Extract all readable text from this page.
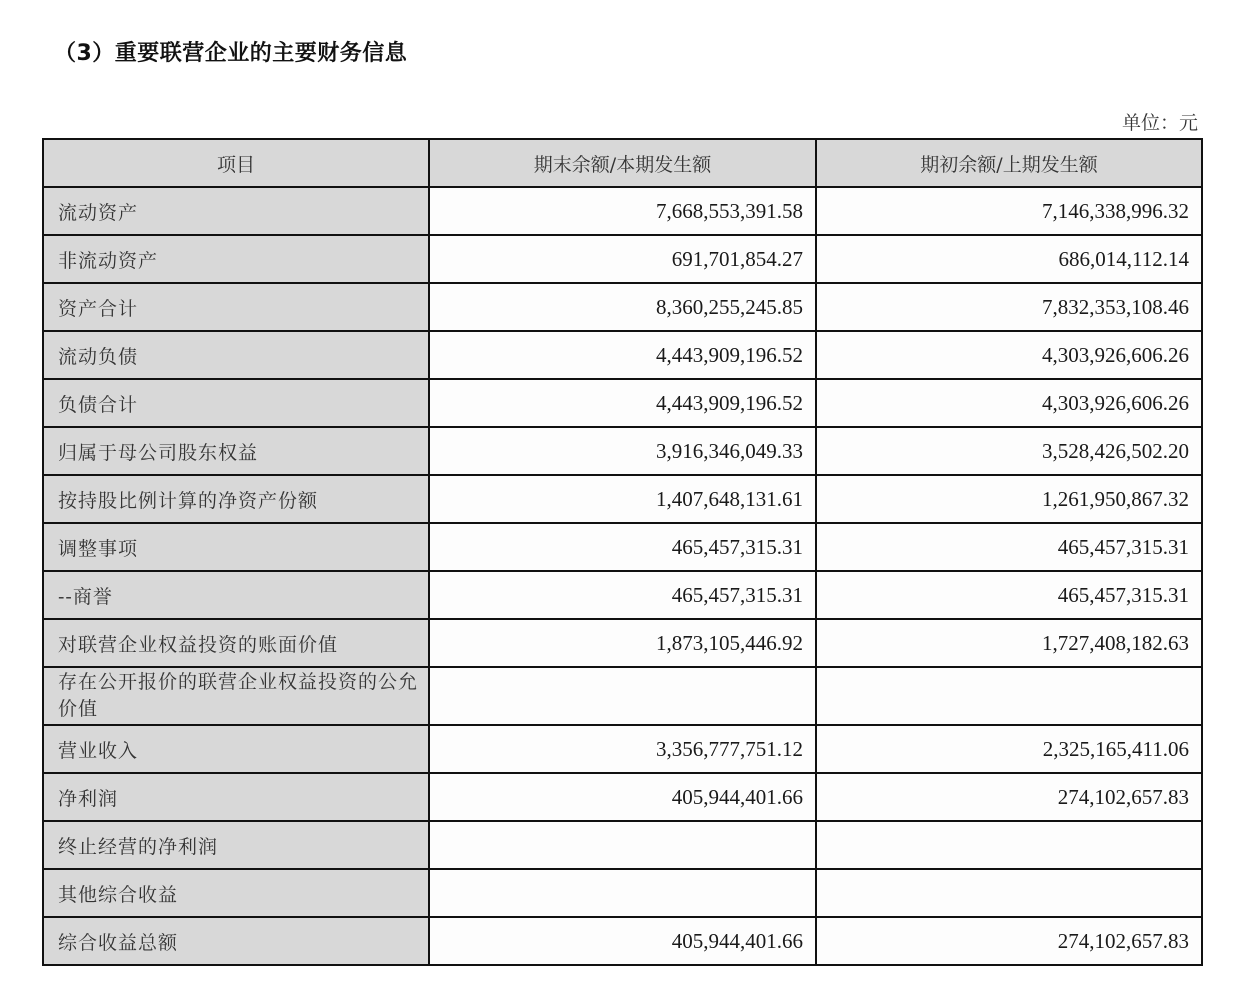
（3）重要联营企业的主要财务信息
单位：元
项目	期末余额/本期发生额	期初余额/上期发生额
流动资产	7,668,553,391.58	7,146,338,996.32
非流动资产	691,701,854.27	686,014,112.14
资产合计	8,360,255,245.85	7,832,353,108.46
流动负债	4,443,909,196.52	4,303,926,606.26
负债合计	4,443,909,196.52	4,303,926,606.26
归属于母公司股东权益	3,916,346,049.33	3,528,426,502.20
按持股比例计算的净资产份额	1,407,648,131.61	1,261,950,867.32
调整事项	465,457,315.31	465,457,315.31
--商誉	465,457,315.31	465,457,315.31
对联营企业权益投资的账面价值	1,873,105,446.92	1,727,408,182.63
存在公开报价的联营企业权益投资的公允价值		
营业收入	3,356,777,751.12	2,325,165,411.06
净利润	405,944,401.66	274,102,657.83
终止经营的净利润		
其他综合收益		
综合收益总额	405,944,401.66	274,102,657.83
